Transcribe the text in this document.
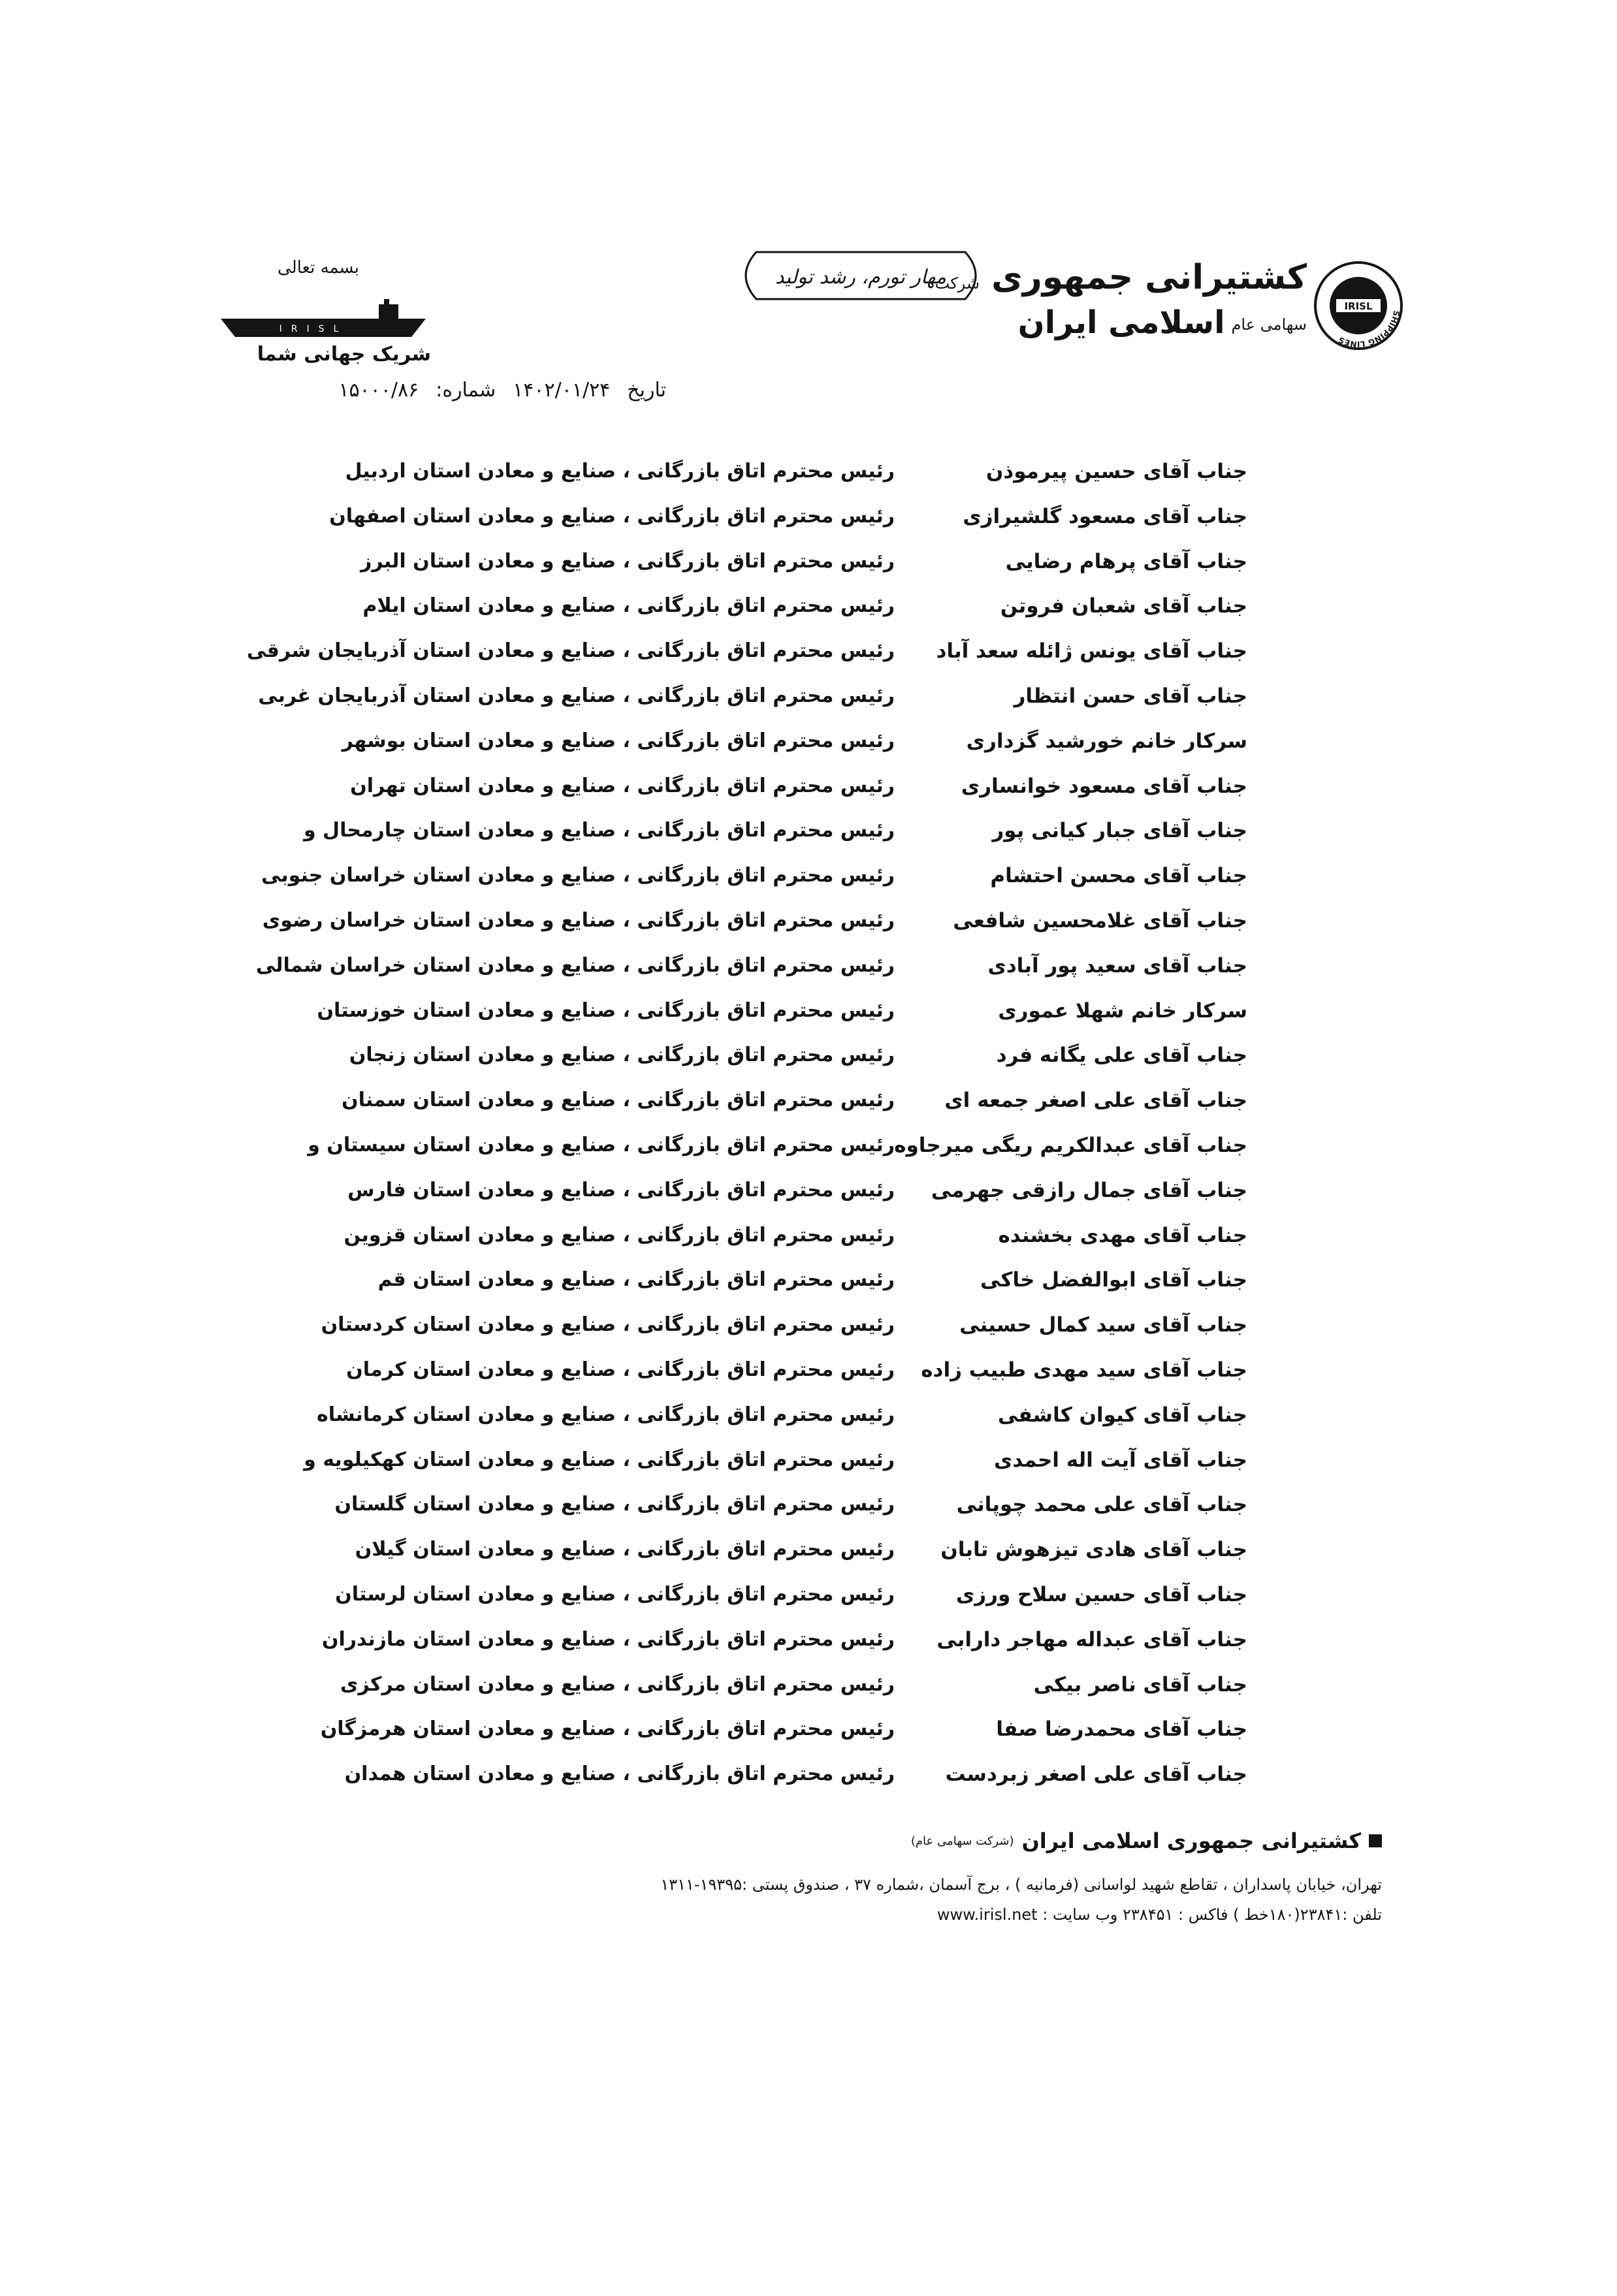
IRISL
SHIPPING LINES
کشتیرانی جمهوری شرکت
سهامی عاماسلامی ایران
مهار تورم، رشد تولید
بسمه تعالی
IRISL
شریک جهانی شما
تاریخ
۱۴۰۲/۰۱/۲۴
شماره:
۱۵۰۰۰/۸۶
جناب آقای حسین پیرموذن
رئیس محترم اتاق بازرگانی ، صنایع و معادن استان اردبیل
جناب آقای مسعود گلشیرازی
رئیس محترم اتاق بازرگانی ، صنایع و معادن استان اصفهان
جناب آقای پرهام رضایی
رئیس محترم اتاق بازرگانی ، صنایع و معادن استان البرز
جناب آقای شعبان فروتن
رئیس محترم اتاق بازرگانی ، صنایع و معادن استان ایلام
جناب آقای یونس ژائله سعد آباد
رئیس محترم اتاق بازرگانی ، صنایع و معادن استان آذربایجان شرقی
جناب آقای حسن انتظار
رئیس محترم اتاق بازرگانی ، صنایع و معادن استان آذربایجان غربی
سرکار خانم خورشید گزداری
رئیس محترم اتاق بازرگانی ، صنایع و معادن استان بوشهر
جناب آقای مسعود خوانساری
رئیس محترم اتاق بازرگانی ، صنایع و معادن استان تهران
جناب آقای جبار کیانی پور
رئیس محترم اتاق بازرگانی ، صنایع و معادن استان چارمحال و
جناب آقای محسن احتشام
رئیس محترم اتاق بازرگانی ، صنایع و معادن استان خراسان جنوبی
جناب آقای غلامحسین شافعی
رئیس محترم اتاق بازرگانی ، صنایع و معادن استان خراسان رضوی
جناب آقای سعید پور آبادی
رئیس محترم اتاق بازرگانی ، صنایع و معادن استان خراسان شمالی
سرکار خانم شهلا عموری
رئیس محترم اتاق بازرگانی ، صنایع و معادن استان خوزستان
جناب آقای علی یگانه فرد
رئیس محترم اتاق بازرگانی ، صنایع و معادن استان زنجان
جناب آقای علی اصغر جمعه ای
رئیس محترم اتاق بازرگانی ، صنایع و معادن استان سمنان
جناب آقای عبدالکریم ریگی میرجاوه
رئیس محترم اتاق بازرگانی ، صنایع و معادن استان سیستان و
جناب آقای جمال رازقی جهرمی
رئیس محترم اتاق بازرگانی ، صنایع و معادن استان فارس
جناب آقای مهدی بخشنده
رئیس محترم اتاق بازرگانی ، صنایع و معادن استان قزوین
جناب آقای ابوالفضل خاکی
رئیس محترم اتاق بازرگانی ، صنایع و معادن استان قم
جناب آقای سید کمال حسینی
رئیس محترم اتاق بازرگانی ، صنایع و معادن استان کردستان
جناب آقای سید مهدی طبیب زاده
رئیس محترم اتاق بازرگانی ، صنایع و معادن استان کرمان
جناب آقای کیوان کاشفی
رئیس محترم اتاق بازرگانی ، صنایع و معادن استان کرمانشاه
جناب آقای آیت اله احمدی
رئیس محترم اتاق بازرگانی ، صنایع و معادن استان کهکیلویه و
جناب آقای علی محمد چوپانی
رئیس محترم اتاق بازرگانی ، صنایع و معادن استان گلستان
جناب آقای هادی تیزهوش تابان
رئیس محترم اتاق بازرگانی ، صنایع و معادن استان گیلان
جناب آقای حسین سلاح ورزی
رئیس محترم اتاق بازرگانی ، صنایع و معادن استان لرستان
جناب آقای عبداله مهاجر دارابی
رئیس محترم اتاق بازرگانی ، صنایع و معادن استان مازندران
جناب آقای ناصر بیکی
رئیس محترم اتاق بازرگانی ، صنایع و معادن استان مرکزی
جناب آقای محمدرضا صفا
رئیس محترم اتاق بازرگانی ، صنایع و معادن استان هرمزگان
جناب آقای علی اصغر زبردست
رئیس محترم اتاق بازرگانی ، صنایع و معادن استان همدان
کشتیرانی جمهوری اسلامی ایران
(شرکت سهامی عام)
تهران، خیابان پاسداران ، تقاطع شهید لواسانی (فرمانیه ) ، برج آسمان ،شماره ۳۷ ، صندوق پستی :۱۹۳۹۵-۱۳۱۱
تلفن :۲۳۸۴۱(۱۸۰خط ) فاکس : ۲۳۸۴۵۱ وب سایت : www.irisl.net
